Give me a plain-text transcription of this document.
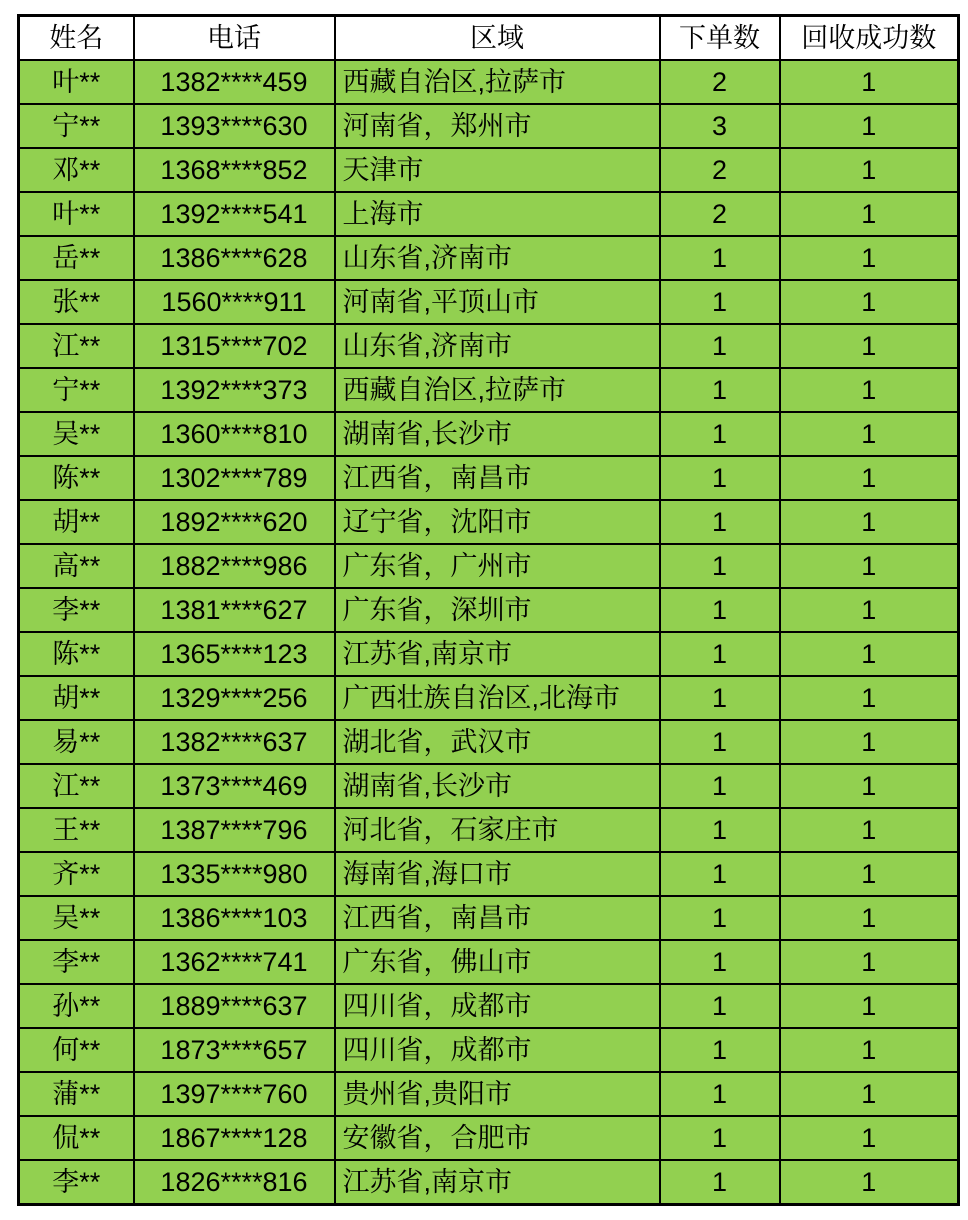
姓名	电话	区域	下单数	回收成功数
叶**	1382****459	西藏自治区,拉萨市	2	1
宁**	1393****630	河南省，郑州市	3	1
邓**	1368****852	天津市	2	1
叶**	1392****541	上海市	2	1
岳**	1386****628	山东省,济南市	1	1
张**	1560****911	河南省,平顶山市	1	1
江**	1315****702	山东省,济南市	1	1
宁**	1392****373	西藏自治区,拉萨市	1	1
吴**	1360****810	湖南省,长沙市	1	1
陈**	1302****789	江西省，南昌市	1	1
胡**	1892****620	辽宁省，沈阳市	1	1
高**	1882****986	广东省，广州市	1	1
李**	1381****627	广东省，深圳市	1	1
陈**	1365****123	江苏省,南京市	1	1
胡**	1329****256	广西壮族自治区,北海市	1	1
易**	1382****637	湖北省，武汉市	1	1
江**	1373****469	湖南省,长沙市	1	1
王**	1387****796	河北省，石家庄市	1	1
齐**	1335****980	海南省,海口市	1	1
吴**	1386****103	江西省，南昌市	1	1
李**	1362****741	广东省，佛山市	1	1
孙**	1889****637	四川省，成都市	1	1
何**	1873****657	四川省，成都市	1	1
蒲**	1397****760	贵州省,贵阳市	1	1
侃**	1867****128	安徽省，合肥市	1	1
李**	1826****816	江苏省,南京市	1	1
